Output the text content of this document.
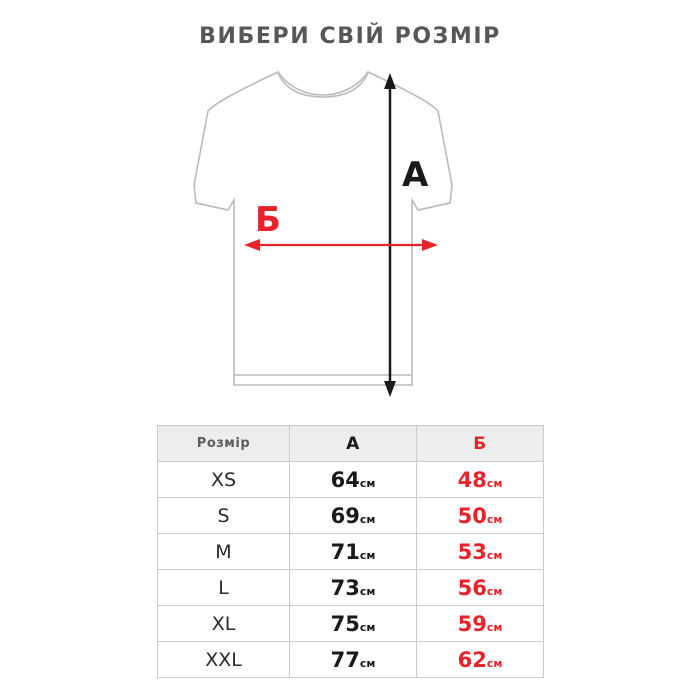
ВИБЕРИ СВІЙ РОЗМІР
А
Б
Розмір	А	Б
XS	64см	48см
S	69см	50см
M	71см	53см
L	73см	56см
XL	75см	59см
XXL	77см	62см
